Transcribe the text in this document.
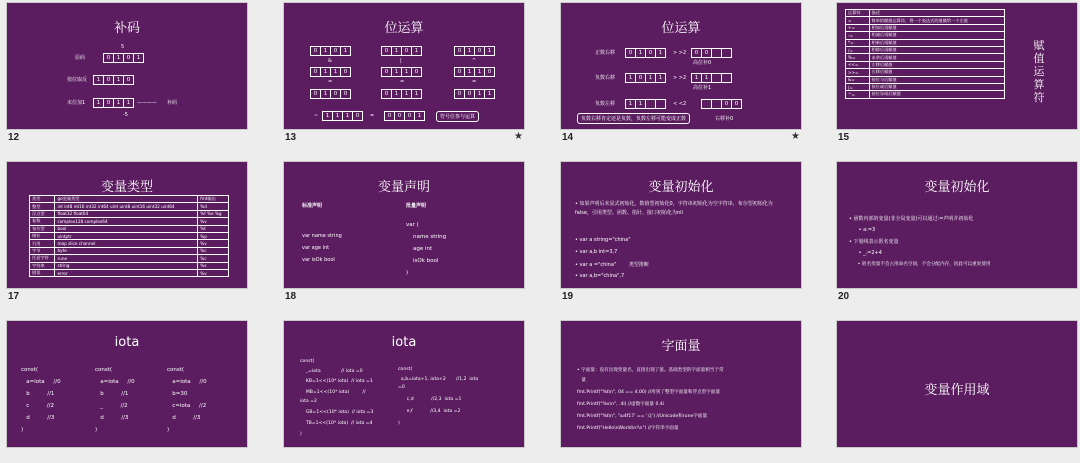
补码
5
原码	0	1	0	1
按位取反	1	0	1	0
末位加1	1	0	1	1	———— 补码
-5
12
位运算
0	1	0	1
&
0	1	1	0
=
0	1	0	0
0	1	0	1
|
0	1	1	0
=
0	1	1	1
0	1	0	1
^
0	1	1	0
=
0	0	1	1
~	1	1	1	0	=	0	0	0	1	符号位参与运算
13	★
位运算
正数右移	0	1	0	1	> >2	0	0
高位补0
负数右移	1	0	1	1	> >2	1	1
高位补1
负数左移	1	1	< <2	0	0
负数右移肯定还是负数，负数左移可能变成正数	右移补0
14	★
运算符	描述
=	简单的赋值运算符，将一个表达式的值赋给一个左值
+=	相加后再赋值
-=	相减后再赋值
*=	相乘后再赋值
/=	相除后再赋值
%=	求余后再赋值
<<=	左移后赋值
>>=	右移后赋值
&=	按位与后赋值
|=	按位或后赋值
^=	按位异或后赋值
赋值运算符
15
变量类型
类型	go变量类型	fmt输出
整型	int int8 int16 int32 int64 uint uint8 uint16 uint32 uint64	%d
浮点型	float32 float64	%f %e %g
复数	complex128 complex64	%v
布尔型	bool	%t
指针	uintptr	%p
引用	map slice channel	%v
字节	byte	%c
任意字符	rune	%c
字符串	string	%s
错误	error	%v
17
变量声明
标准声明
var name string
var age int
var isOk bool
批量声明
var (
name string
age int
isOk bool
)
18
变量初始化
• 如果声明后未显式初始化，数值型初始化0，字符串初始化为空字符串，布尔型初始化为false，引用类型、函数、指针、接口初始化为nil
• var a string="china"
• var a,b int=3,7
• var a ="china"        类型推断
• var a,b="china",7
19
变量初始化
• 函数内部的变量(非全局变量)可以通过:=声明并初始化
• a:=3
• 下划线表示匿名变量
• _,=2+4
• 匿名变量不会占用命名空间，不会分配内存，因此可以重复使用
20
iota
const(
a=iota     //0
b          //1
c          //2
d          //3
)
const(
a=iota     //0
b          //1
_          //2
d          //3
)
const(
a=iota     //0
b=30
c=iota     //2
d          //3
)
iota
const(
_=iota              // iota =0
KB=1<<(10* iota)  // iota =1
MB=1<<(10* iota)         //
iota =2
GB=1<<(10* iota)  // iota =3
TB=1<<(10* iota)  // iota =4
)
const(
a,b=iota+1, iota+2       //1,2  iota
=0
c,d            //2,3  iota =1
e,f            //3,4  iota =2
)
字面量
• 字面量：没有出现变量名，直接出现了值。基础类型的字面量相当于常
量
fmt.Printf("%t\n", 04 == 4.00) //用到了整型字面量和浮点型字面量
fmt.Printf("%v\n", .4i) //虚数字面量 0.4i
fmt.Printf("%t\n", '\u4f17' == '众') //Unicode和rune字面量
fmt.Printf("Hello\nWorld\n!\n") //字符串字面量
变量作用域
